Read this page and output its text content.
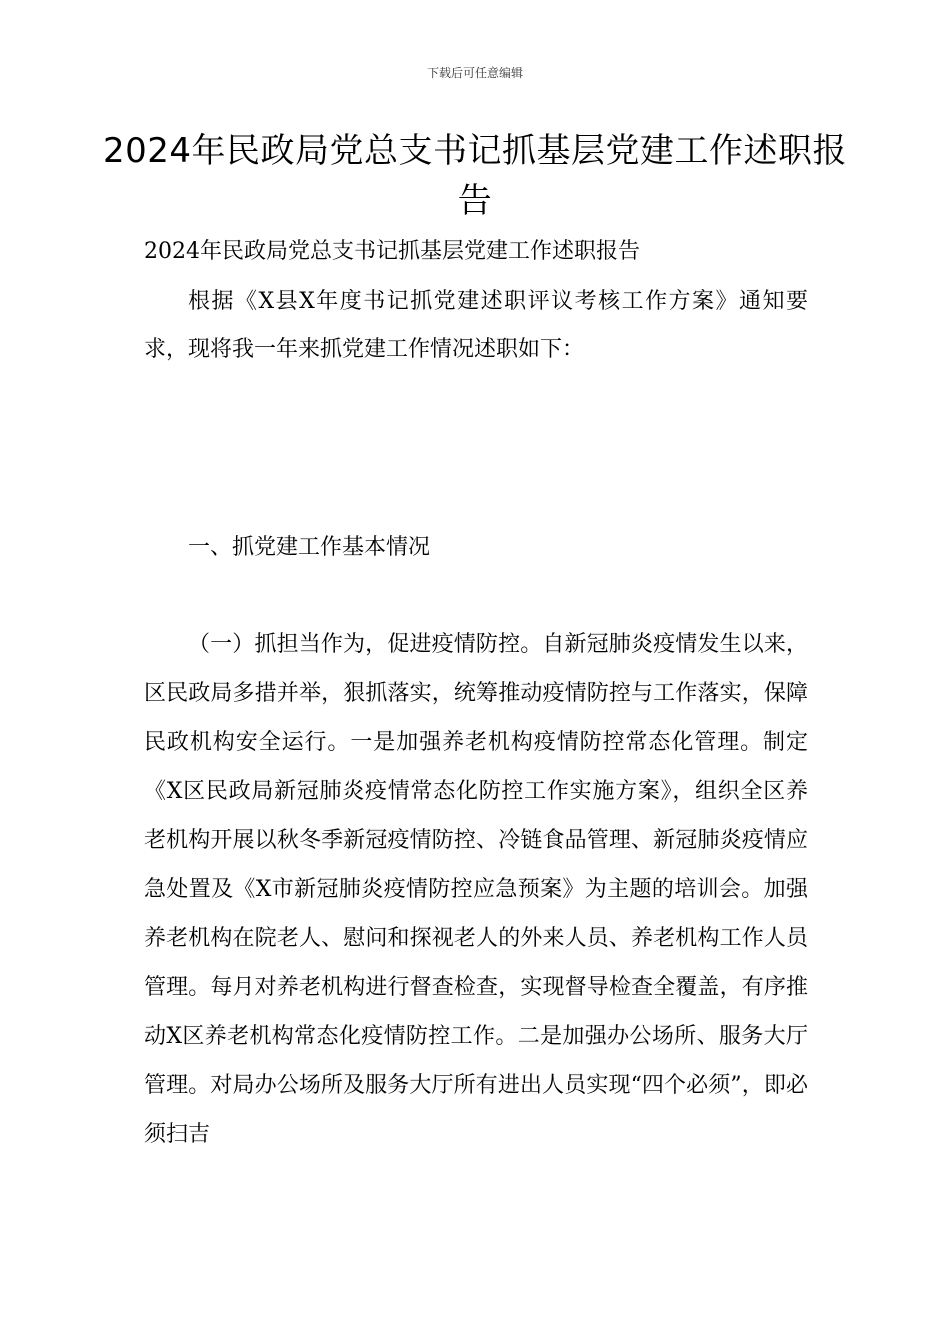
下载后可任意编辑
2024年民政局党总支书记抓基层党建工作述职报告

2024年民政局党总支书记抓基层党建工作述职报告

根据《X县X年度书记抓党建述职评议考核工作方案》通知要求，现将我一年来抓党建工作情况述职如下：

一、抓党建工作基本情况

（一）抓担当作为，促进疫情防控。自新冠肺炎疫情发生以来，区民政局多措并举，狠抓落实，统筹推动疫情防控与工作落实，保障民政机构安全运行。一是加强养老机构疫情防控常态化管理。制定《X区民政局新冠肺炎疫情常态化防控工作实施方案》，组织全区养老机构开展以秋冬季新冠疫情防控、冷链食品管理、新冠肺炎疫情应急处置及《X市新冠肺炎疫情防控应急预案》为主题的培训会。加强养老机构在院老人、慰问和探视老人的外来人员、养老机构工作人员管理。每月对养老机构进行督查检查，实现督导检查全覆盖，有序推动X区养老机构常态化疫情防控工作。二是加强办公场所、服务大厅管理。对局办公场所及服务大厅所有进出人员实现“四个必须”，即必须扫吉
